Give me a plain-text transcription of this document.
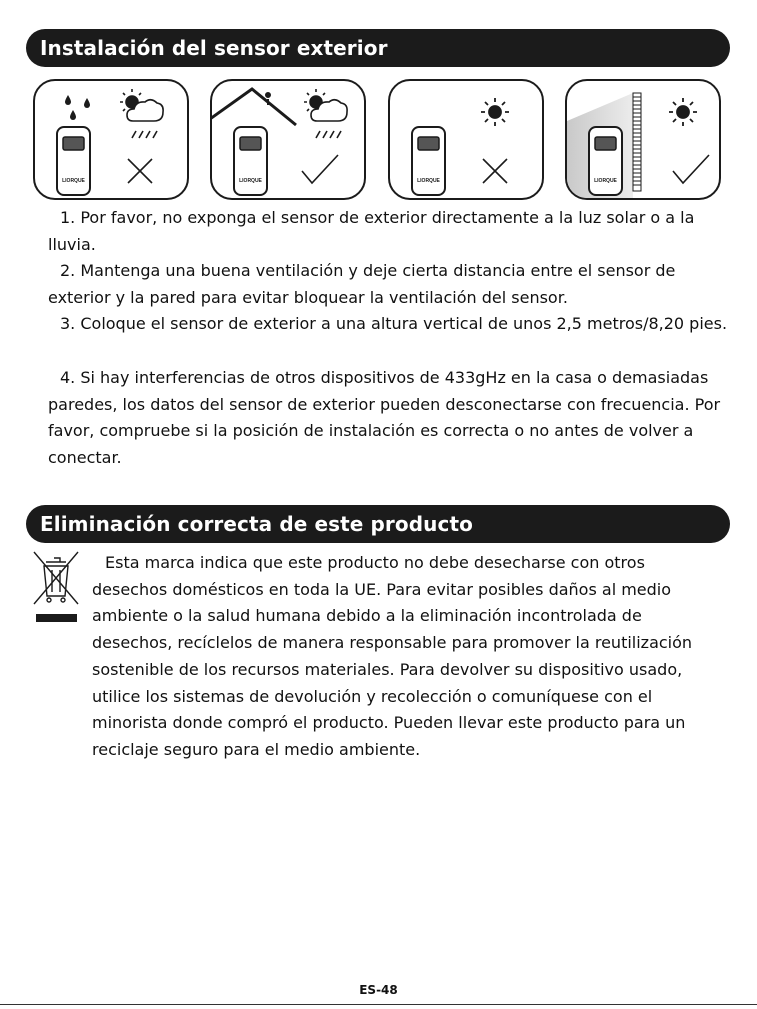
Instalación del sensor exterior
LIORQUE	LIORQUE	LIORQUE	LIORQUE

1. Por favor, no exponga el sensor de exterior directamente a la luz solar o a la lluvia.

2. Mantenga una buena ventilación y deje cierta distancia entre el sensor de exterior y la pared para evitar bloquear la ventilación del sensor.

3. Coloque el sensor de exterior a una altura vertical de unos 2,5 metros/8,20 pies.

4. Si hay interferencias de otros dispositivos de 433gHz en la casa o demasiadas paredes, los datos del sensor de exterior pueden desconectarse con frecuencia. Por favor, compruebe si la posición de instalación es correcta o no antes de volver a conectar.

Eliminación correcta de este producto

Esta marca indica que este producto no debe desecharse con otros desechos domésticos en toda la UE. Para evitar posibles daños al medio ambiente o la salud humana debido a la eliminación incontrolada de desechos, recíclelos de manera responsable para promover la reutilización sostenible de los recursos materiales. Para devolver su dispositivo usado, utilice los sistemas de devolución y recolección o comuníquese con el minorista donde compró el producto. Pueden llevar este producto para un reciclaje seguro para el medio ambiente.

ES-48
